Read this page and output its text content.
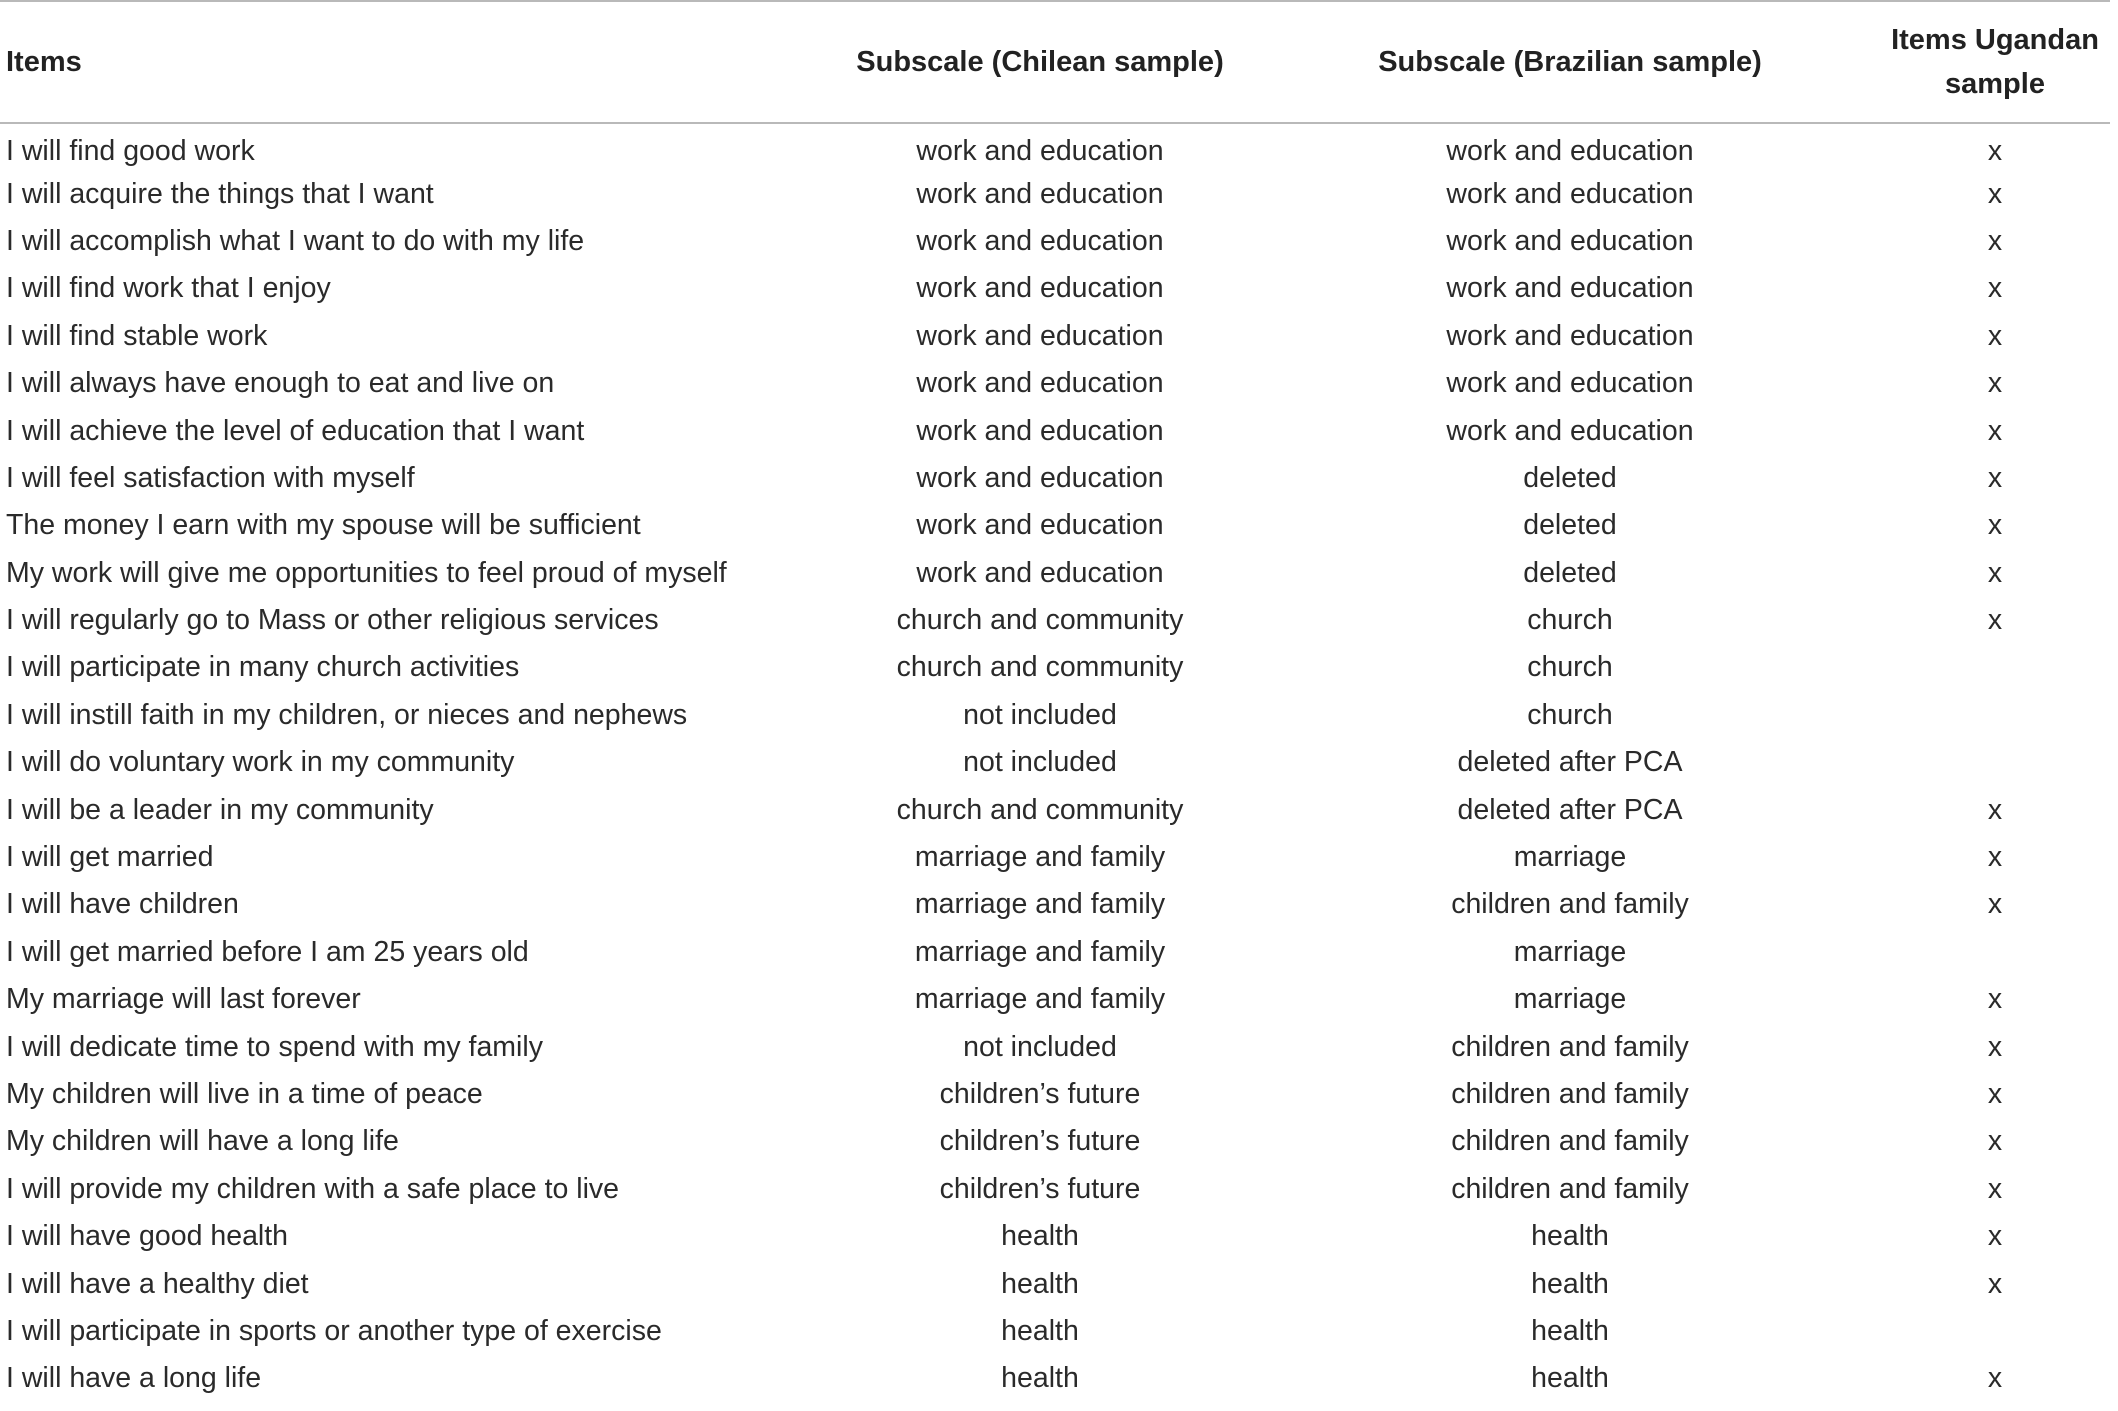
Items	Subscale (Chilean sample)	Subscale (Brazilian sample)	Items Ugandan
sample

I will find good work	work and education	work and education	x
I will acquire the things that I want	work and education	work and education	x
I will accomplish what I want to do with my life	work and education	work and education	x
I will find work that I enjoy	work and education	work and education	x
I will find stable work	work and education	work and education	x
I will always have enough to eat and live on	work and education	work and education	x
I will achieve the level of education that I want	work and education	work and education	x
I will feel satisfaction with myself	work and education	deleted	x
The money I earn with my spouse will be sufficient	work and education	deleted	x
My work will give me opportunities to feel proud of myself	work and education	deleted	x
I will regularly go to Mass or other religious services	church and community	church	x
I will participate in many church activities	church and community	church	
I will instill faith in my children, or nieces and nephews	not included	church	
I will do voluntary work in my community	not included	deleted after PCA	
I will be a leader in my community	church and community	deleted after PCA	x
I will get married	marriage and family	marriage	x
I will have children	marriage and family	children and family	x
I will get married before I am 25 years old	marriage and family	marriage	
My marriage will last forever	marriage and family	marriage	x
I will dedicate time to spend with my family	not included	children and family	x
My children will live in a time of peace	children’s future	children and family	x
My children will have a long life	children’s future	children and family	x
I will provide my children with a safe place to live	children’s future	children and family	x
I will have good health	health	health	x
I will have a healthy diet	health	health	x
I will participate in sports or another type of exercise	health	health	
I will have a long life	health	health	x
